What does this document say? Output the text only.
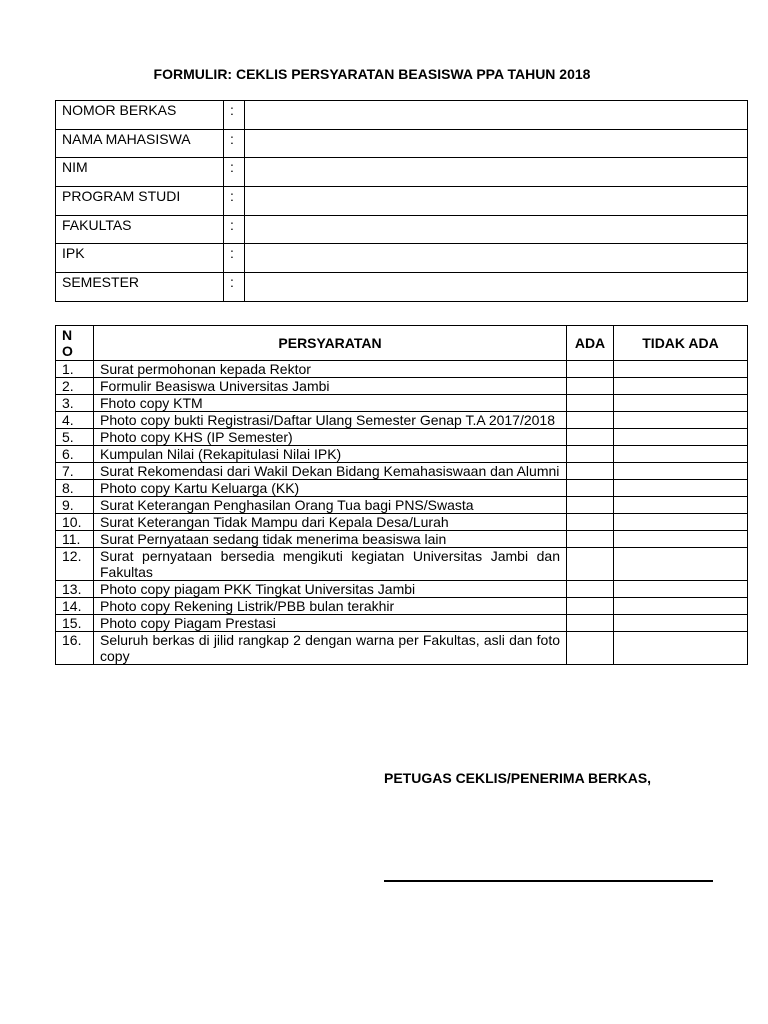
FORMULIR: CEKLIS PERSYARATAN BEASISWA PPA TAHUN 2018
NOMOR BERKAS	:	
NAMA MAHASISWA	:	
NIM	:	
PROGRAM STUDI	:	
FAKULTAS	:	
IPK	:	
SEMESTER	:	
N
O	PERSYARATAN	ADA	TIDAK ADA
1.	Surat permohonan kepada Rektor		
2.	Formulir Beasiswa Universitas Jambi		
3.	Fhoto copy KTM		
4.	Photo copy bukti Registrasi/Daftar Ulang Semester Genap T.A 2017/2018		
5.	Photo copy KHS (IP Semester)		
6.	Kumpulan Nilai (Rekapitulasi Nilai IPK)		
7.	Surat Rekomendasi dari Wakil Dekan Bidang Kemahasiswaan dan Alumni		
8.	Photo copy Kartu Keluarga (KK)		
9.	Surat Keterangan Penghasilan Orang Tua bagi PNS/Swasta		
10.	Surat Keterangan Tidak Mampu dari Kepala Desa/Lurah		
11.	Surat Pernyataan sedang tidak menerima beasiswa lain		
12.	Surat pernyataan bersedia mengikuti kegiatan Universitas Jambi dan Fakultas		
13.	Photo copy piagam PKK Tingkat Universitas Jambi		
14.	Photo copy Rekening Listrik/PBB bulan terakhir		
15.	Photo copy Piagam Prestasi		
16.	Seluruh berkas di jilid rangkap 2 dengan warna per Fakultas, asli dan foto copy		
PETUGAS CEKLIS/PENERIMA BERKAS,
